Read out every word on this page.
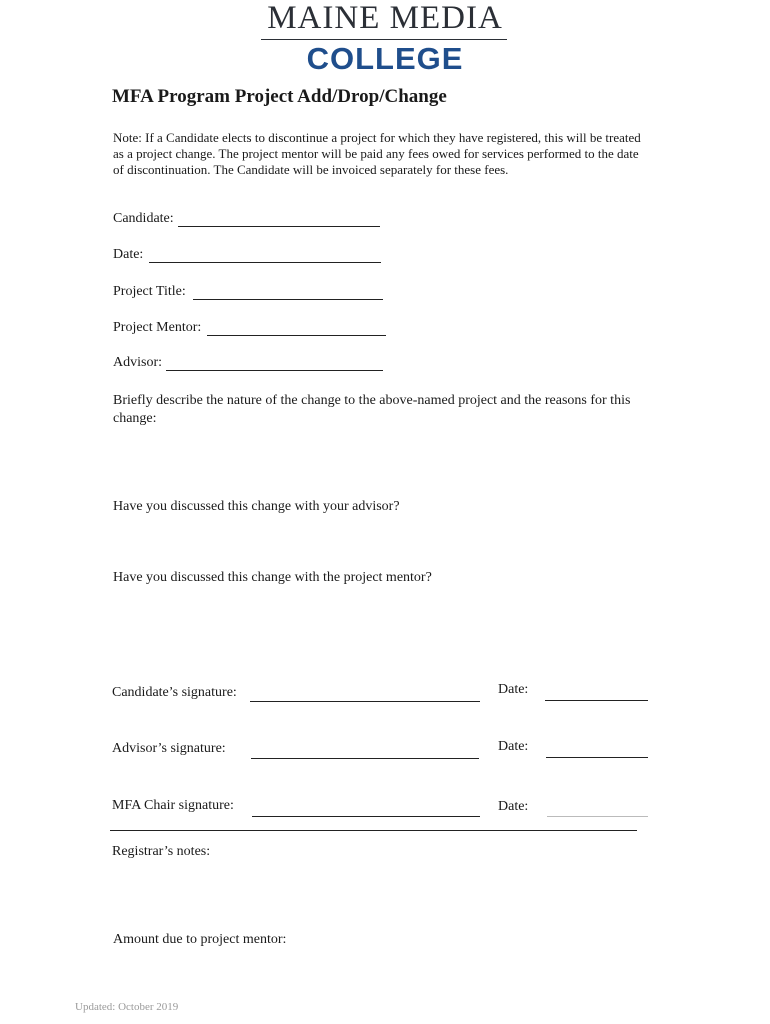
MAINE MEDIA
COLLEGE
MFA Program Project Add/Drop/Change
Note: If a Candidate elects to discontinue a project for which they have registered, this will be treated as a project change. The project mentor will be paid any fees owed for services performed to the date of discontinuation. The Candidate will be invoiced separately for these fees.
Candidate:
Date:
Project Title:
Project Mentor:
Advisor:
Briefly describe the nature of the change to the above-named project and the reasons for this change:
Have you discussed this change with your advisor?
Have you discussed this change with the project mentor?
Candidate’s signature:	Date:
Advisor’s signature:	Date:
MFA Chair signature:	Date:
Registrar’s notes:
Amount due to project mentor:
Updated: October 2019
